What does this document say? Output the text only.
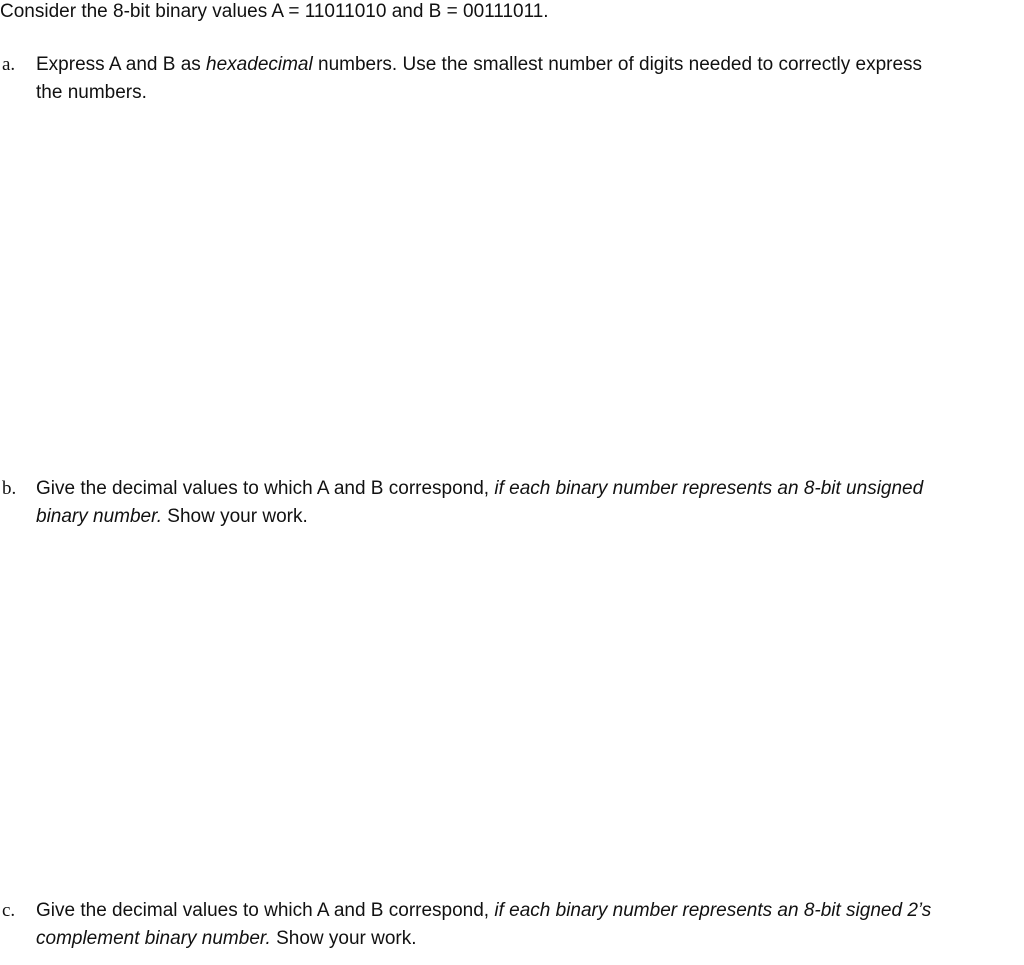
Consider the 8-bit binary values A = 11011010 and B = 00111011.
a. Express A and B as hexadecimal numbers. Use the smallest number of digits needed to correctly express
the numbers.
b. Give the decimal values to which A and B correspond, if each binary number represents an 8-bit unsigned
binary number. Show your work.
c. Give the decimal values to which A and B correspond, if each binary number represents an 8-bit signed 2’s
complement binary number. Show your work.
